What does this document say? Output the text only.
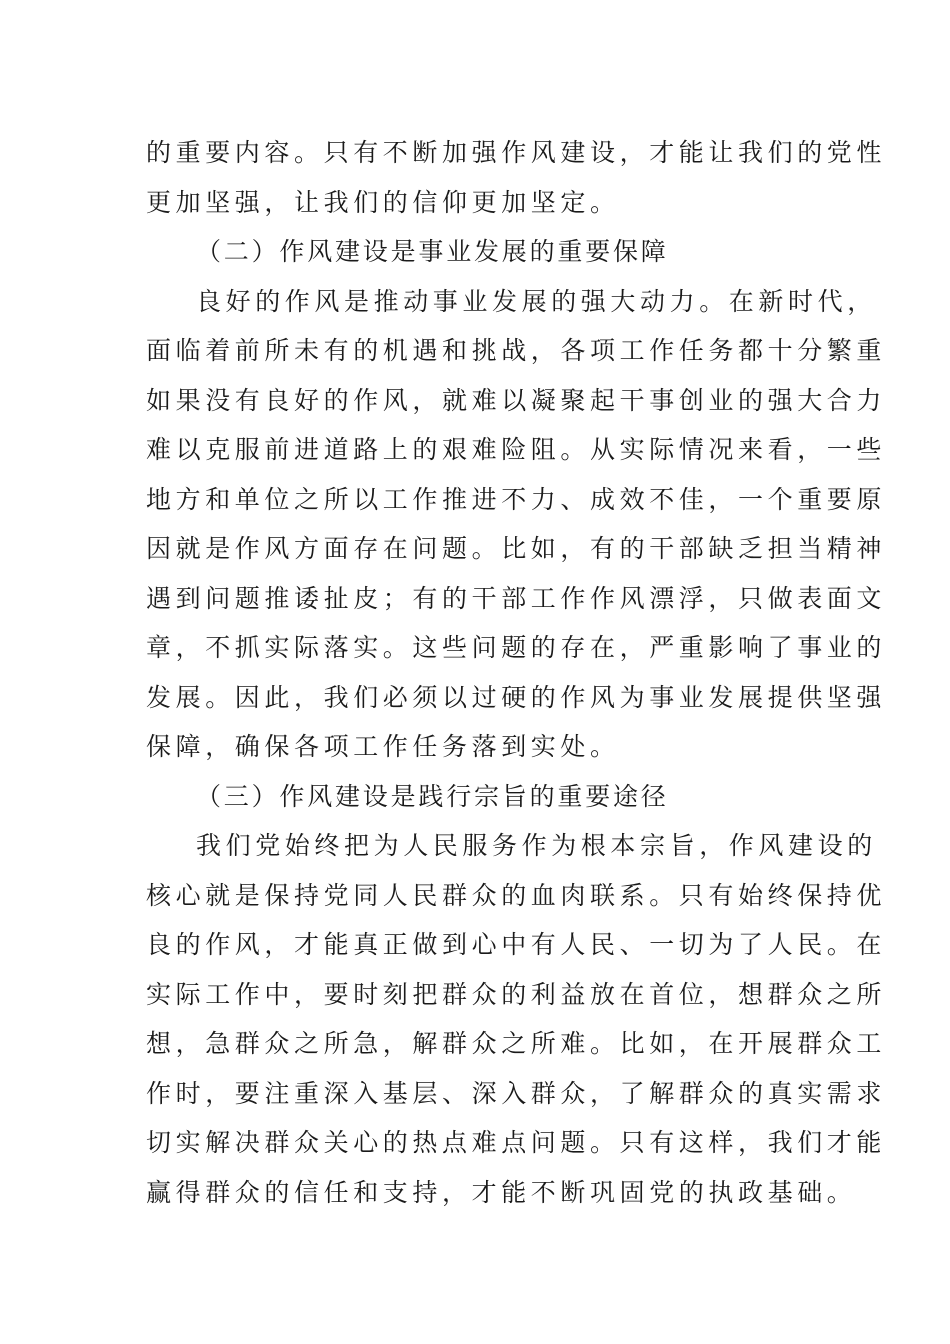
的重要内容。只有不断加强作风建设，才能让我们的党性
更加坚强，让我们的信仰更加坚定。
（二）作风建设是事业发展的重要保障
良好的作风是推动事业发展的强大动力。在新时代，
面临着前所未有的机遇和挑战，各项工作任务都十分繁重
如果没有良好的作风，就难以凝聚起干事创业的强大合力
难以克服前进道路上的艰难险阻。从实际情况来看，一些
地方和单位之所以工作推进不力、成效不佳，一个重要原
因就是作风方面存在问题。比如，有的干部缺乏担当精神
遇到问题推诿扯皮；有的干部工作作风漂浮，只做表面文
章，不抓实际落实。这些问题的存在，严重影响了事业的
发展。因此，我们必须以过硬的作风为事业发展提供坚强
保障，确保各项工作任务落到实处。
（三）作风建设是践行宗旨的重要途径
我们党始终把为人民服务作为根本宗旨，作风建设的
核心就是保持党同人民群众的血肉联系。只有始终保持优
良的作风，才能真正做到心中有人民、一切为了人民。在
实际工作中，要时刻把群众的利益放在首位，想群众之所
想，急群众之所急，解群众之所难。比如，在开展群众工
作时，要注重深入基层、深入群众，了解群众的真实需求
切实解决群众关心的热点难点问题。只有这样，我们才能
赢得群众的信任和支持，才能不断巩固党的执政基础。
